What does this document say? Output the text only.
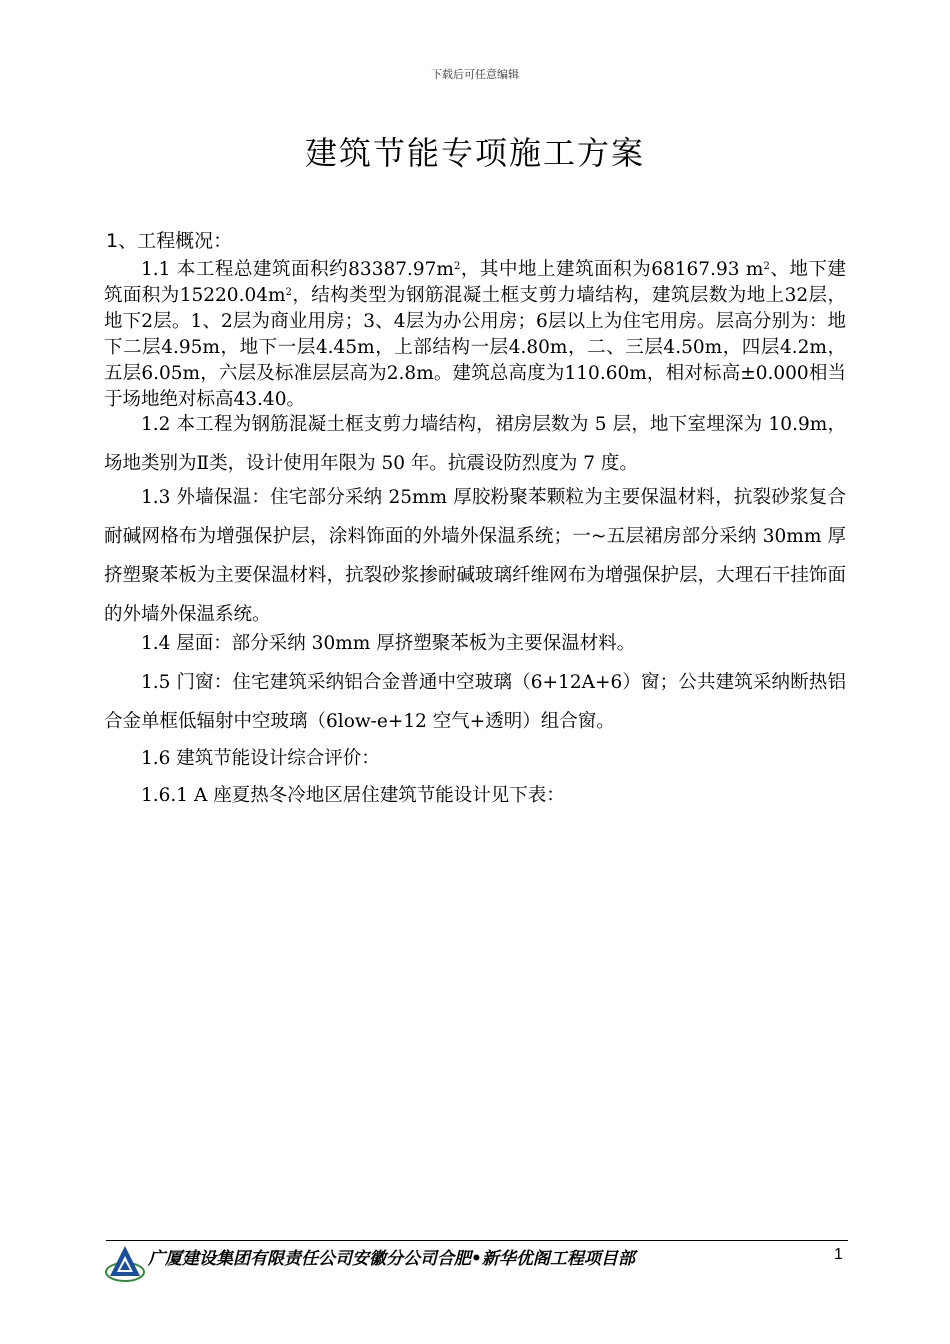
下载后可任意编辑
建筑节能专项施工方案
1、工程概况：
1.1 本工程总建筑面积约$83387.97m^2$，其中地上建筑面积为68167.93 $m^2$、地下建筑面积为$15220.04m^2$，结构类型为钢筋混凝土框支剪力墙结构，建筑层数为地上32层，地下2层。1、2层为商业用房；3、4层为办公用房；6层以上为住宅用房。层高分别为：地下二层4.95m，地下一层4.45m，上部结构一层4.80m，二、三层4.50m，四层4.2m，五层6.05m，六层及标准层层高为2.8m。建筑总高度为110.60m，相对标高±0.000相当于场地绝对标高43.40。
1.2 本工程为钢筋混凝土框支剪力墙结构，裙房层数为 5 层，地下室埋深为 10.9m，场地类别为Ⅱ类，设计使用年限为 50 年。抗震设防烈度为 7 度。
1.3 外墙保温：住宅部分采纳 25mm 厚胶粉聚苯颗粒为主要保温材料，抗裂砂浆复合耐碱网格布为增强保护层，涂料饰面的外墙外保温系统；一~五层裙房部分采纳 30mm 厚挤塑聚苯板为主要保温材料，抗裂砂浆掺耐碱玻璃纤维网布为增强保护层，大理石干挂饰面的外墙外保温系统。
1.4 屋面：部分采纳 30mm 厚挤塑聚苯板为主要保温材料。
1.5 门窗：住宅建筑采纳铝合金普通中空玻璃（6+12A+6）窗；公共建筑采纳断热铝合金单框低辐射中空玻璃（6low-e+12 空气+透明）组合窗。
1.6 建筑节能设计综合评价：
1.6.1 A 座夏热冬冷地区居住建筑节能设计见下表：
广厦建设集团有限责任公司安徽分公司合肥•新华优阁工程项目部	1
